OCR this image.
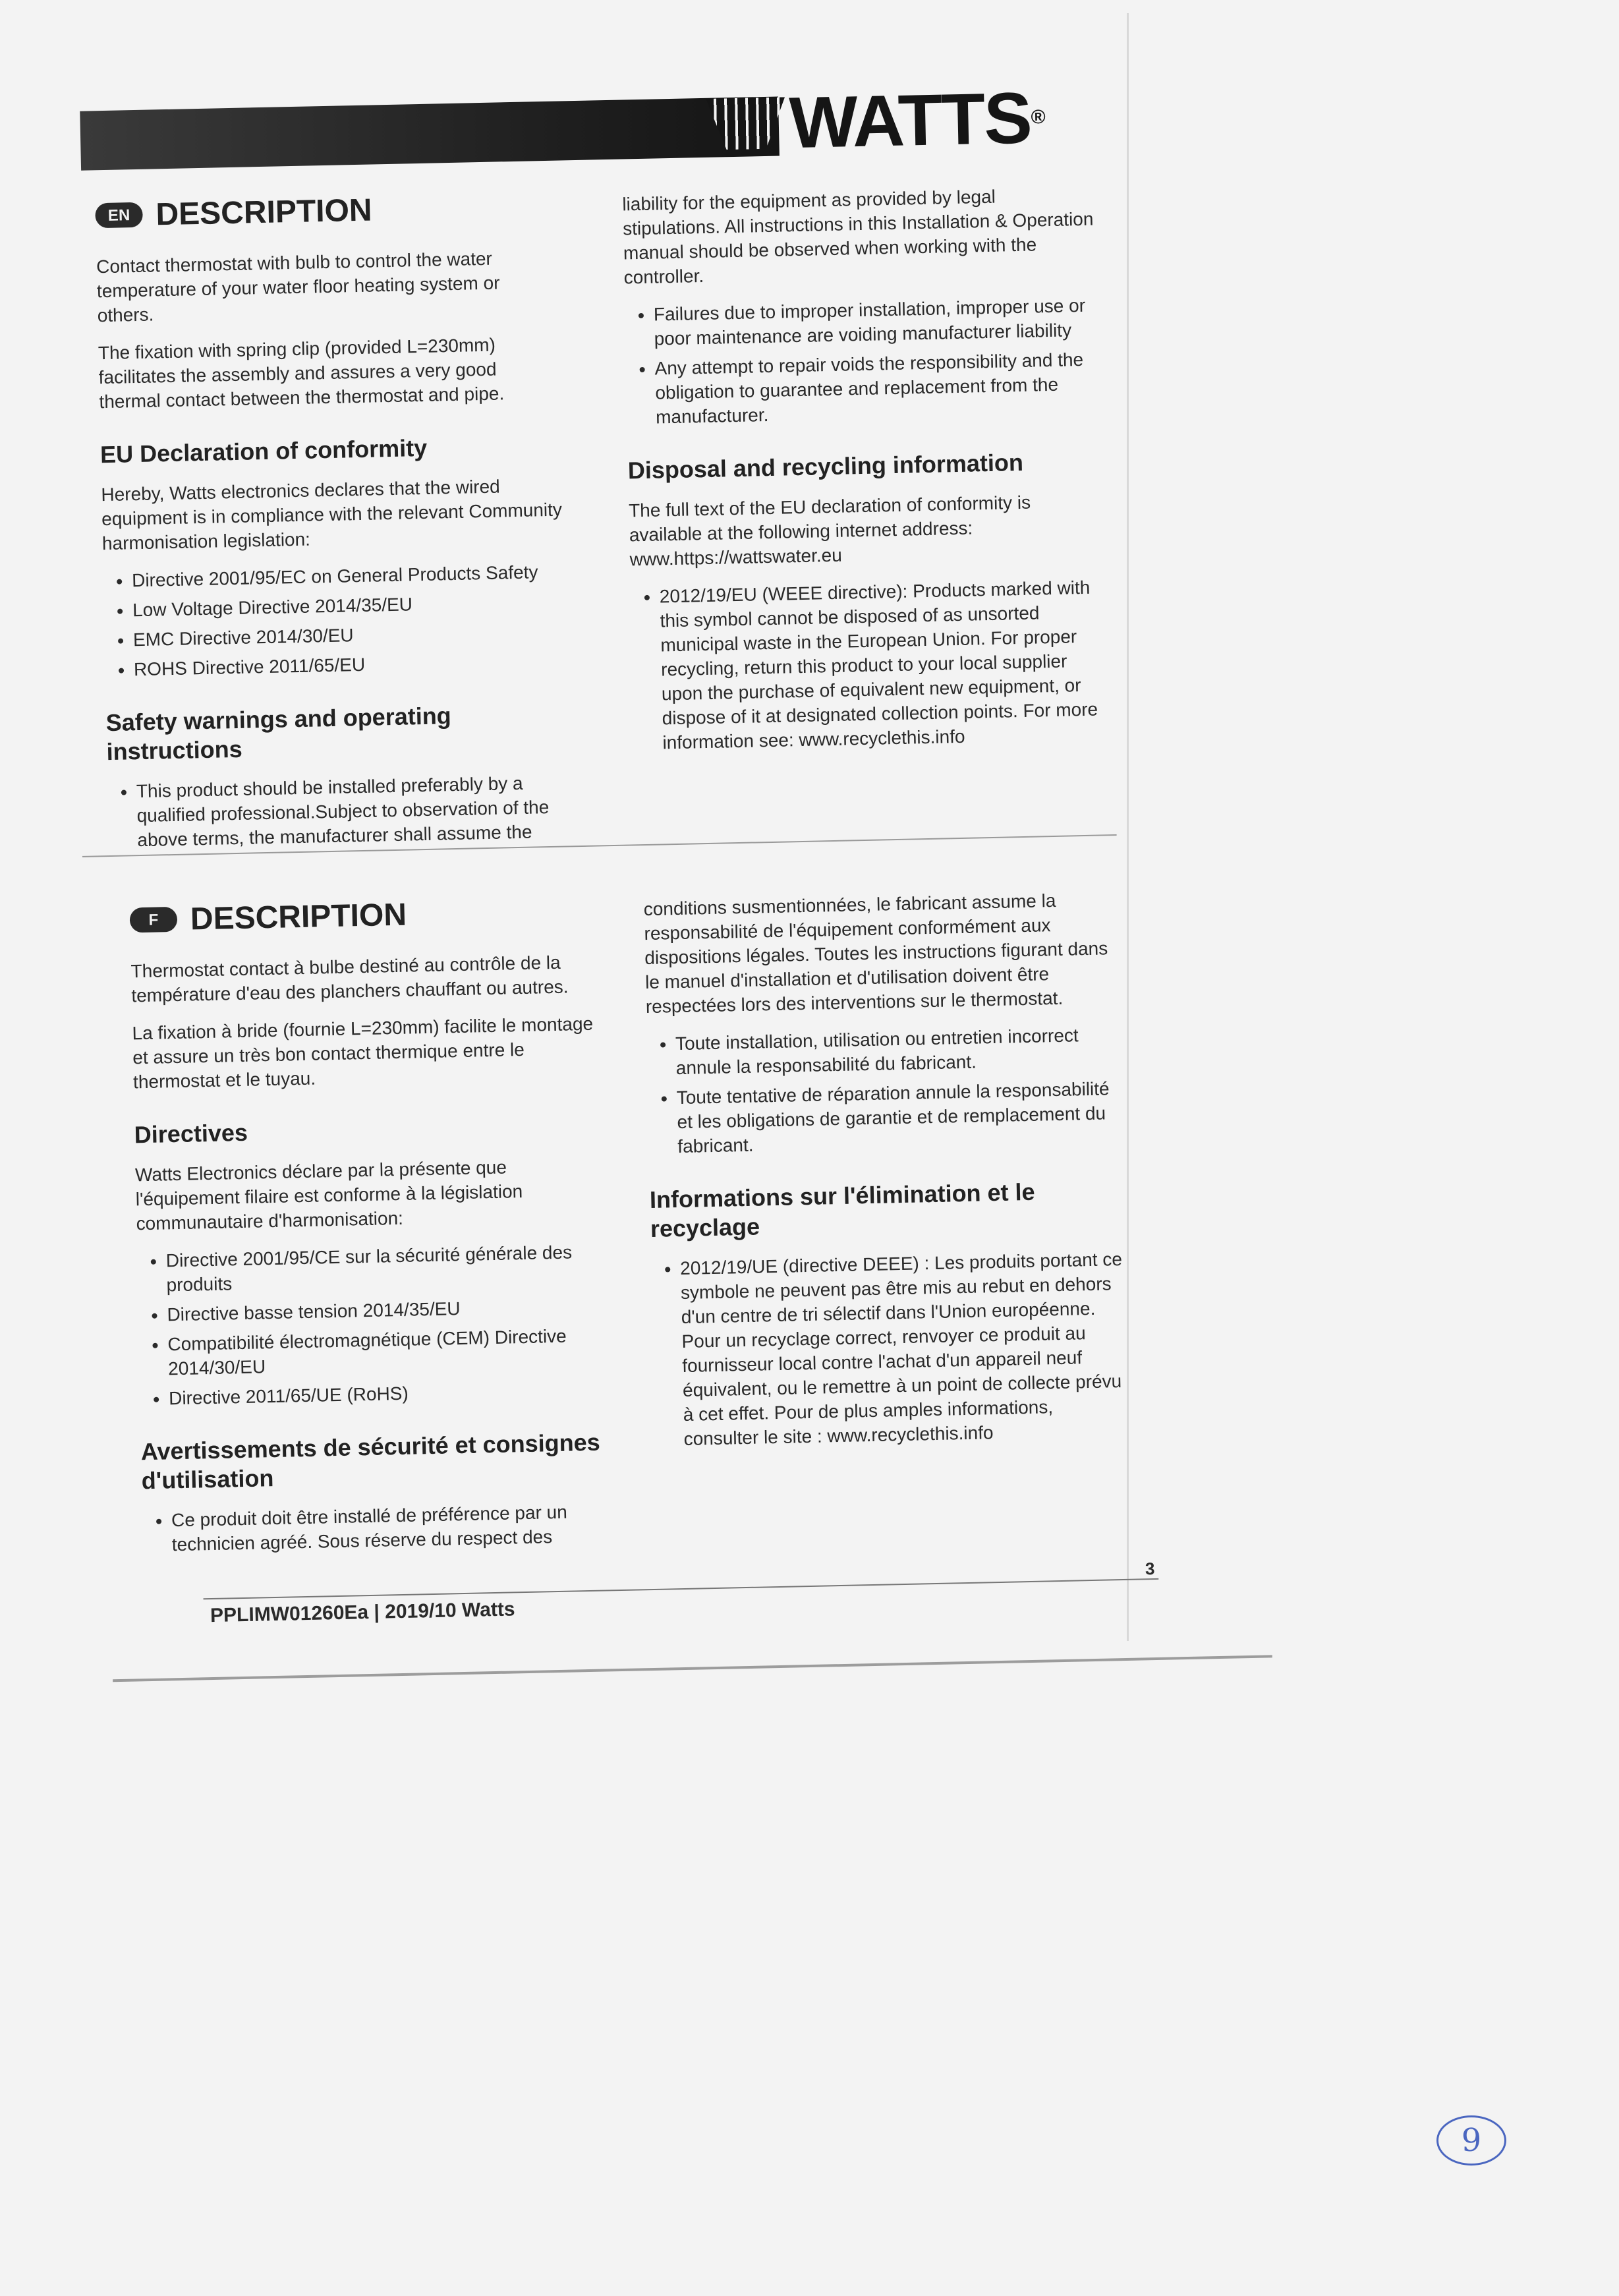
WATTS
®
EN DESCRIPTION

Contact thermostat with bulb to control the water temperature of your water floor heating system or others.

The fixation with spring clip (provided L=230mm) facilitates the assembly and assures a very good thermal contact between the thermostat and pipe.

EU Declaration of conformity

Hereby, Watts electronics declares that the wired equipment is in compliance with the relevant Community harmonisation legislation:

• Directive 2001/95/EC on General Products Safety
• Low Voltage Directive 2014/35/EU
• EMC Directive 2014/30/EU
• ROHS Directive 2011/65/EU
Safety warnings and operating instructions
• This product should be installed preferably by a qualified professional.Subject to observation of the above terms, the manufacturer shall assume the

liability for the equipment as provided by legal stipulations. All instructions in this Installation & Operation manual should be observed when working with the controller.

• Failures due to improper installation, improper use or poor maintenance are voiding manufacturer liability
• Any attempt to repair voids the responsibility and the obligation to guarantee and replacement from the manufacturer.
Disposal and recycling information

The full text of the EU declaration of conformity is available at the following internet address: www.https://wattswater.eu

• 2012/19/EU (WEEE directive): Products marked with this symbol cannot be disposed of as unsorted municipal waste in the European Union. For proper recycling, return this product to your local supplier upon the purchase of equivalent new equipment, or dispose of it at designated collection points. For more information see: www.recyclethis.info
F DESCRIPTION

Thermostat contact à bulbe destiné au contrôle de la température d'eau des planchers chauffant ou autres.

La fixation à bride (fournie L=230mm) facilite le montage et assure un très bon contact thermique entre le thermostat et le tuyau.

Directives

Watts Electronics déclare par la présente que l'équipement filaire est conforme à la législation communautaire d'harmonisation:

• Directive 2001/95/CE sur la sécurité générale des produits
• Directive basse tension 2014/35/EU
• Compatibilité électromagnétique (CEM) Directive 2014/30/EU
• Directive 2011/65/UE (RoHS)
Avertissements de sécurité et consignes d'utilisation
• Ce produit doit être installé de préférence par un technicien agréé. Sous réserve du respect des

conditions susmentionnées, le fabricant assume la responsabilité de l'équipement conformément aux dispositions légales. Toutes les instructions figurant dans le manuel d'installation et d'utilisation doivent être respectées lors des interventions sur le thermostat.

• Toute installation, utilisation ou entretien incorrect annule la responsabilité du fabricant.
• Toute tentative de réparation annule la responsabilité et les obligations de garantie et de remplacement du fabricant.
Informations sur l'élimination et le recyclage
• 2012/19/UE (directive DEEE) : Les produits portant ce symbole ne peuvent pas être mis au rebut en dehors d'un centre de tri sélectif dans l'Union européenne. Pour un recyclage correct, renvoyer ce produit au fournisseur local contre l'achat d'un appareil neuf équivalent, ou le remettre à un point de collecte prévu à cet effet. Pour de plus amples informations, consulter le site : www.recyclethis.info
PPLIMW01260Ea | 2019/10 Watts
3
9
